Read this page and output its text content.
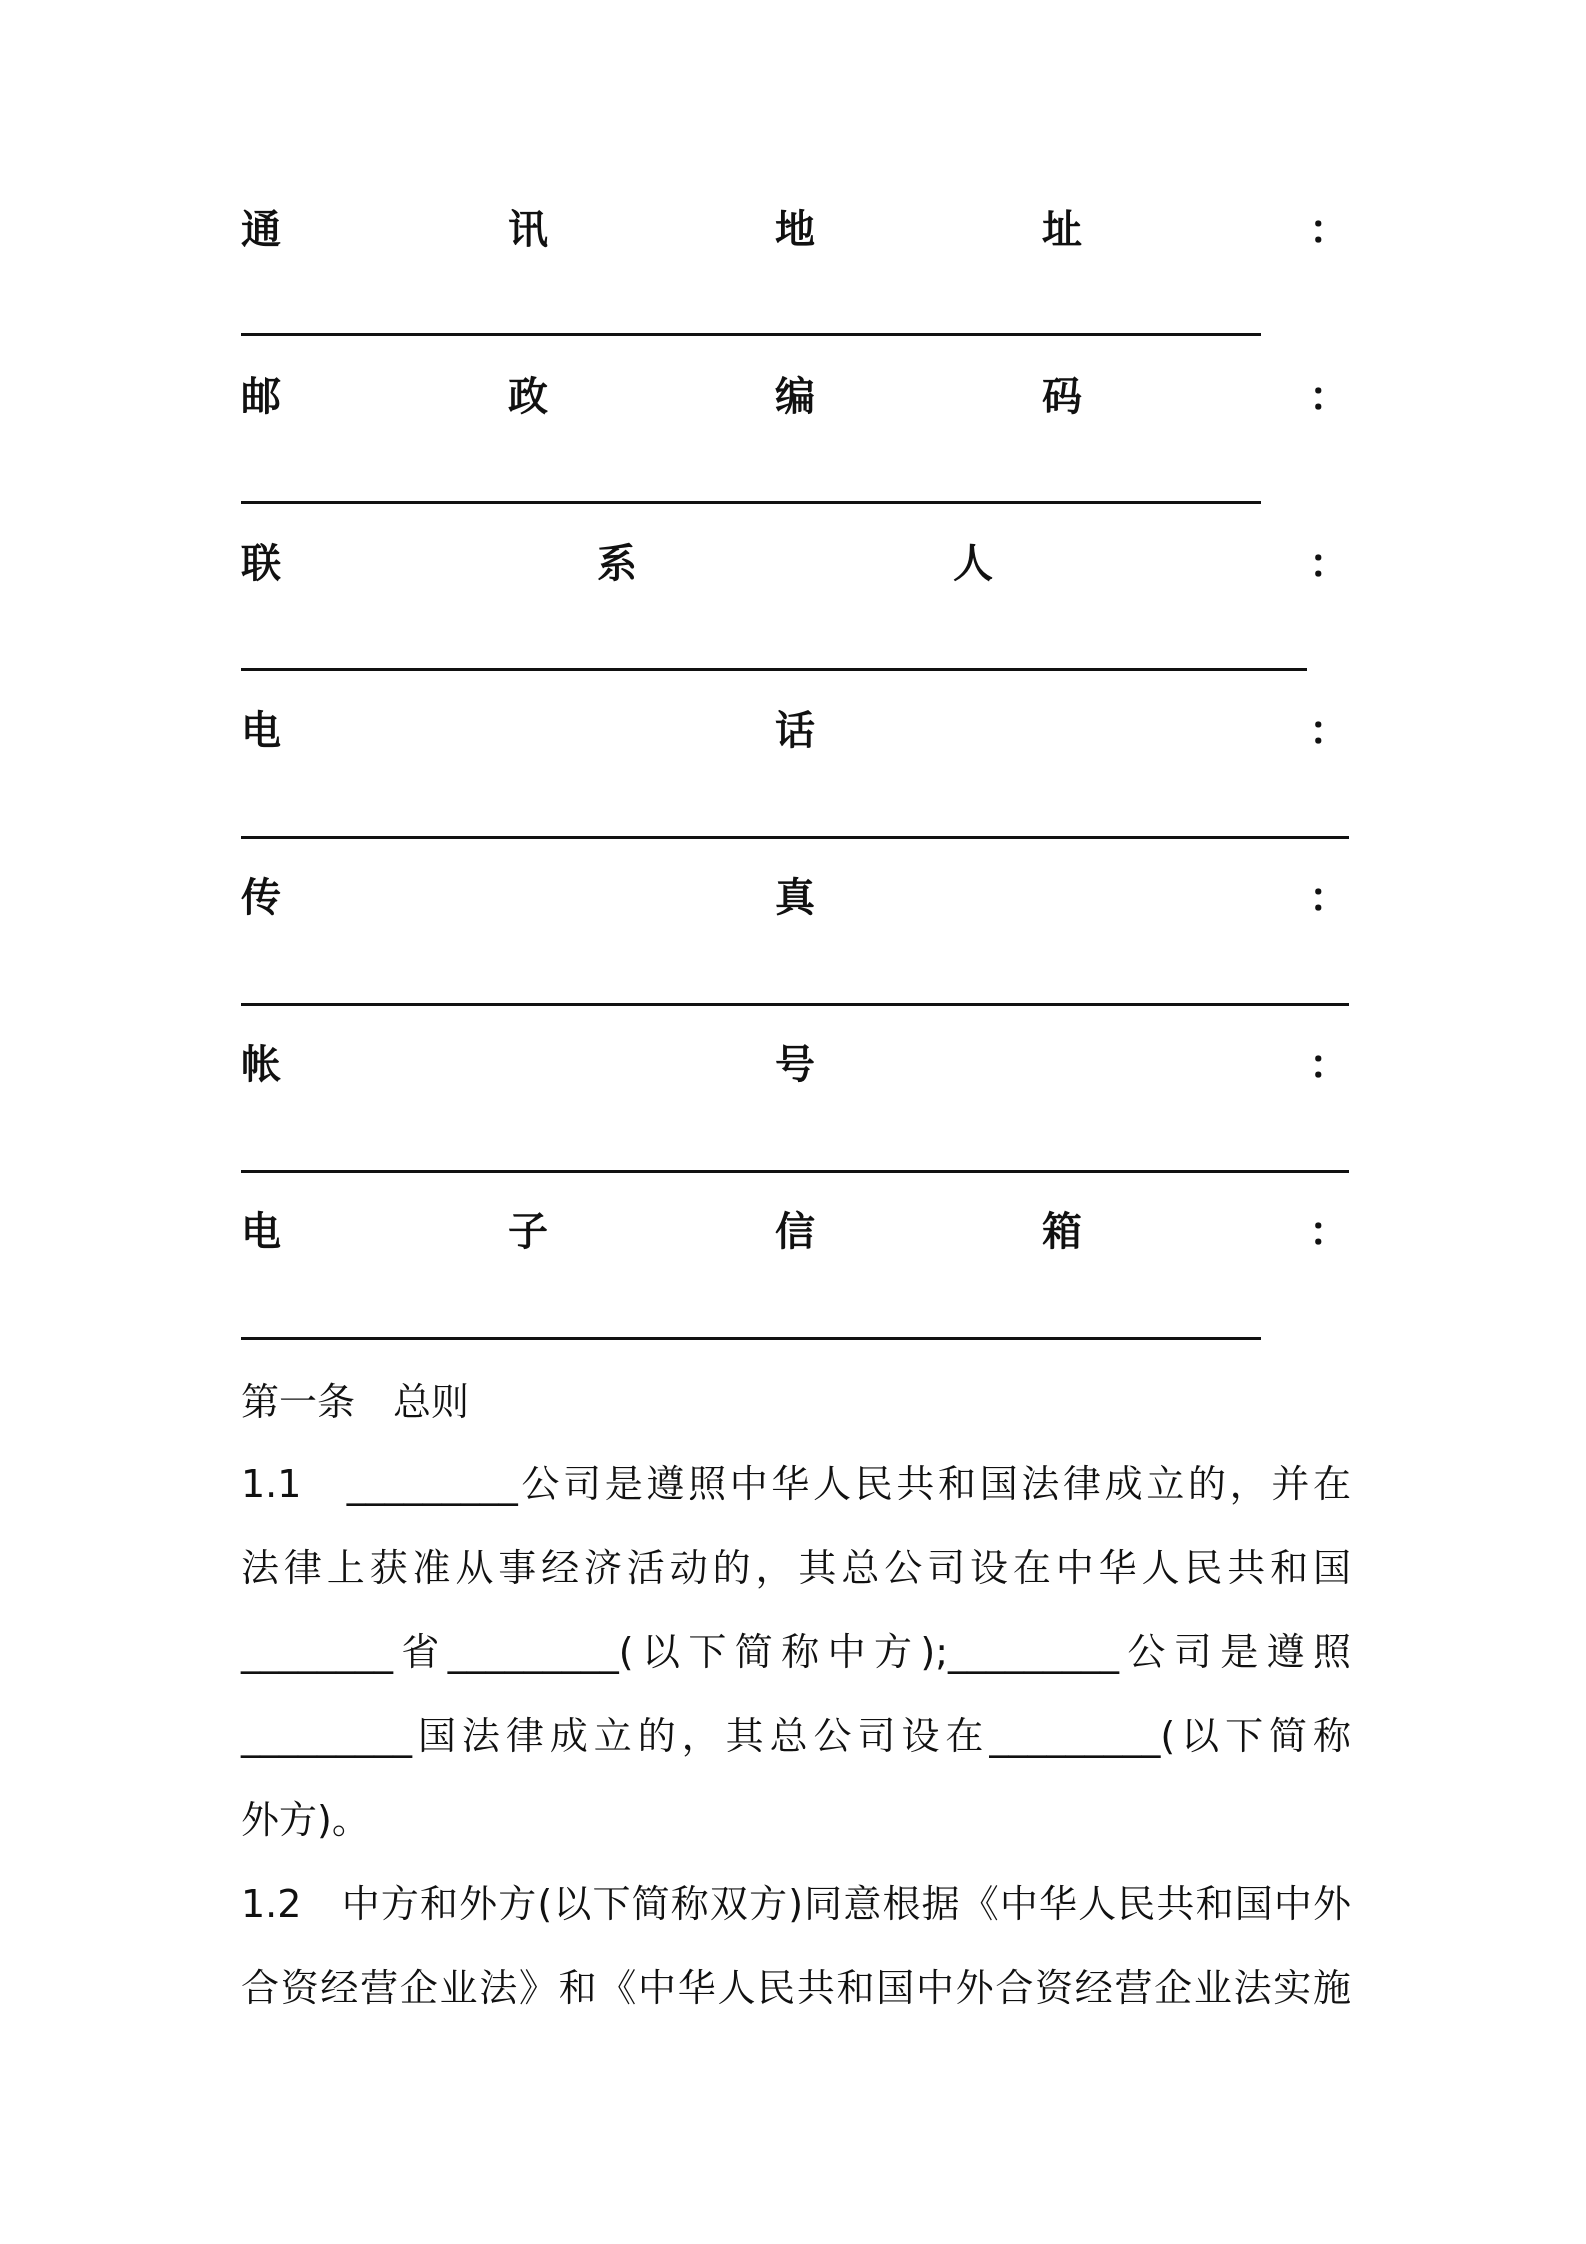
通	讯	地	址	：
邮	政	编	码	：
联	系	人	：
电	话	：
传	真	：
帐	号	：
电	子	信	箱	：
第一条　总则
1.1　_________公司是遵照中华人民共和国法律成立的，并在
法律上获准从事经济活动的，其总公司设在中华人民共和国
________省_________(以下简称中方);_________公司是遵照
_________国法律成立的，其总公司设在_________(以下简称
外方)。
1.2　中方和外方(以下简称双方)同意根据《中华人民共和国中外
合资经营企业法》和《中华人民共和国中外合资经营企业法实施
